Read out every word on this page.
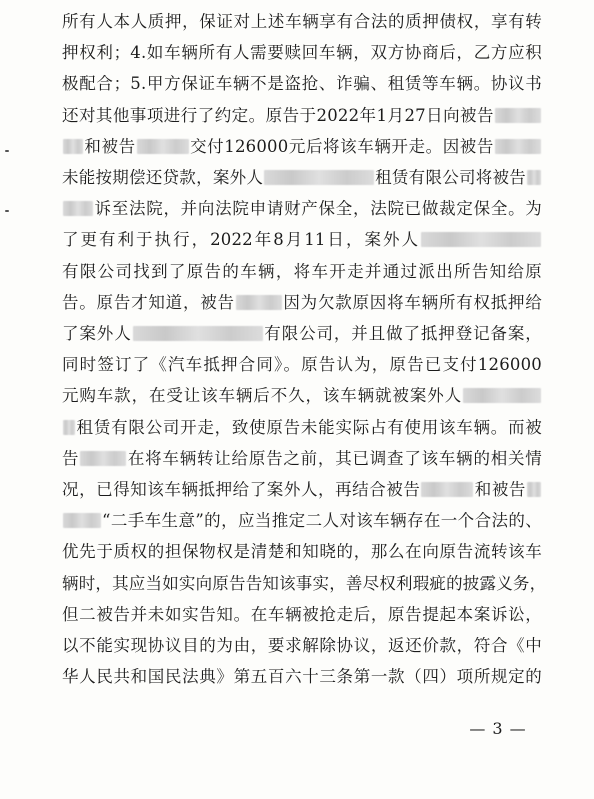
所有人本人质押，保证对上述车辆享有合法的质押债权，享有转
押权利；4.如车辆所有人需要赎回车辆，双方协商后，乙方应积
极配合；5.甲方保证车辆不是盗抢、诈骗、租赁等车辆。协议书
还对其他事项进行了约定。原告于2022年1月27日向被告
和被告	交付126000元后将该车辆开走。因被告
未能按期偿还贷款，案外人	租赁有限公司将被告
诉至法院，并向法院申请财产保全，法院已做裁定保全。为
了更有利于执行，2022年8月11日，案外人
有限公司找到了原告的车辆，将车开走并通过派出所告知给原
告。原告才知道，被告	因为欠款原因将车辆所有权抵押给
了案外人	有限公司，并且做了抵押登记备案，
同时签订了《汽车抵押合同》。原告认为，原告已支付126000
元购车款，在受让该车辆后不久，该车辆就被案外人
租赁有限公司开走，致使原告未能实际占有使用该车辆。而被
告	在将车辆转让给原告之前，其已调查了该车辆的相关情
况，已得知该车辆抵押给了案外人，再结合被告	和被告
“二手车生意”的，应当推定二人对该车辆存在一个合法的、
优先于质权的担保物权是清楚和知晓的，那么在向原告流转该车
辆时，其应当如实向原告告知该事实，善尽权利瑕疵的披露义务，
但二被告并未如实告知。在车辆被抢走后，原告提起本案诉讼，
以不能实现协议目的为由，要求解除协议，返还价款，符合《中
华人民共和国民法典》第五百六十三条第一款（四）项所规定的
— 3 —
